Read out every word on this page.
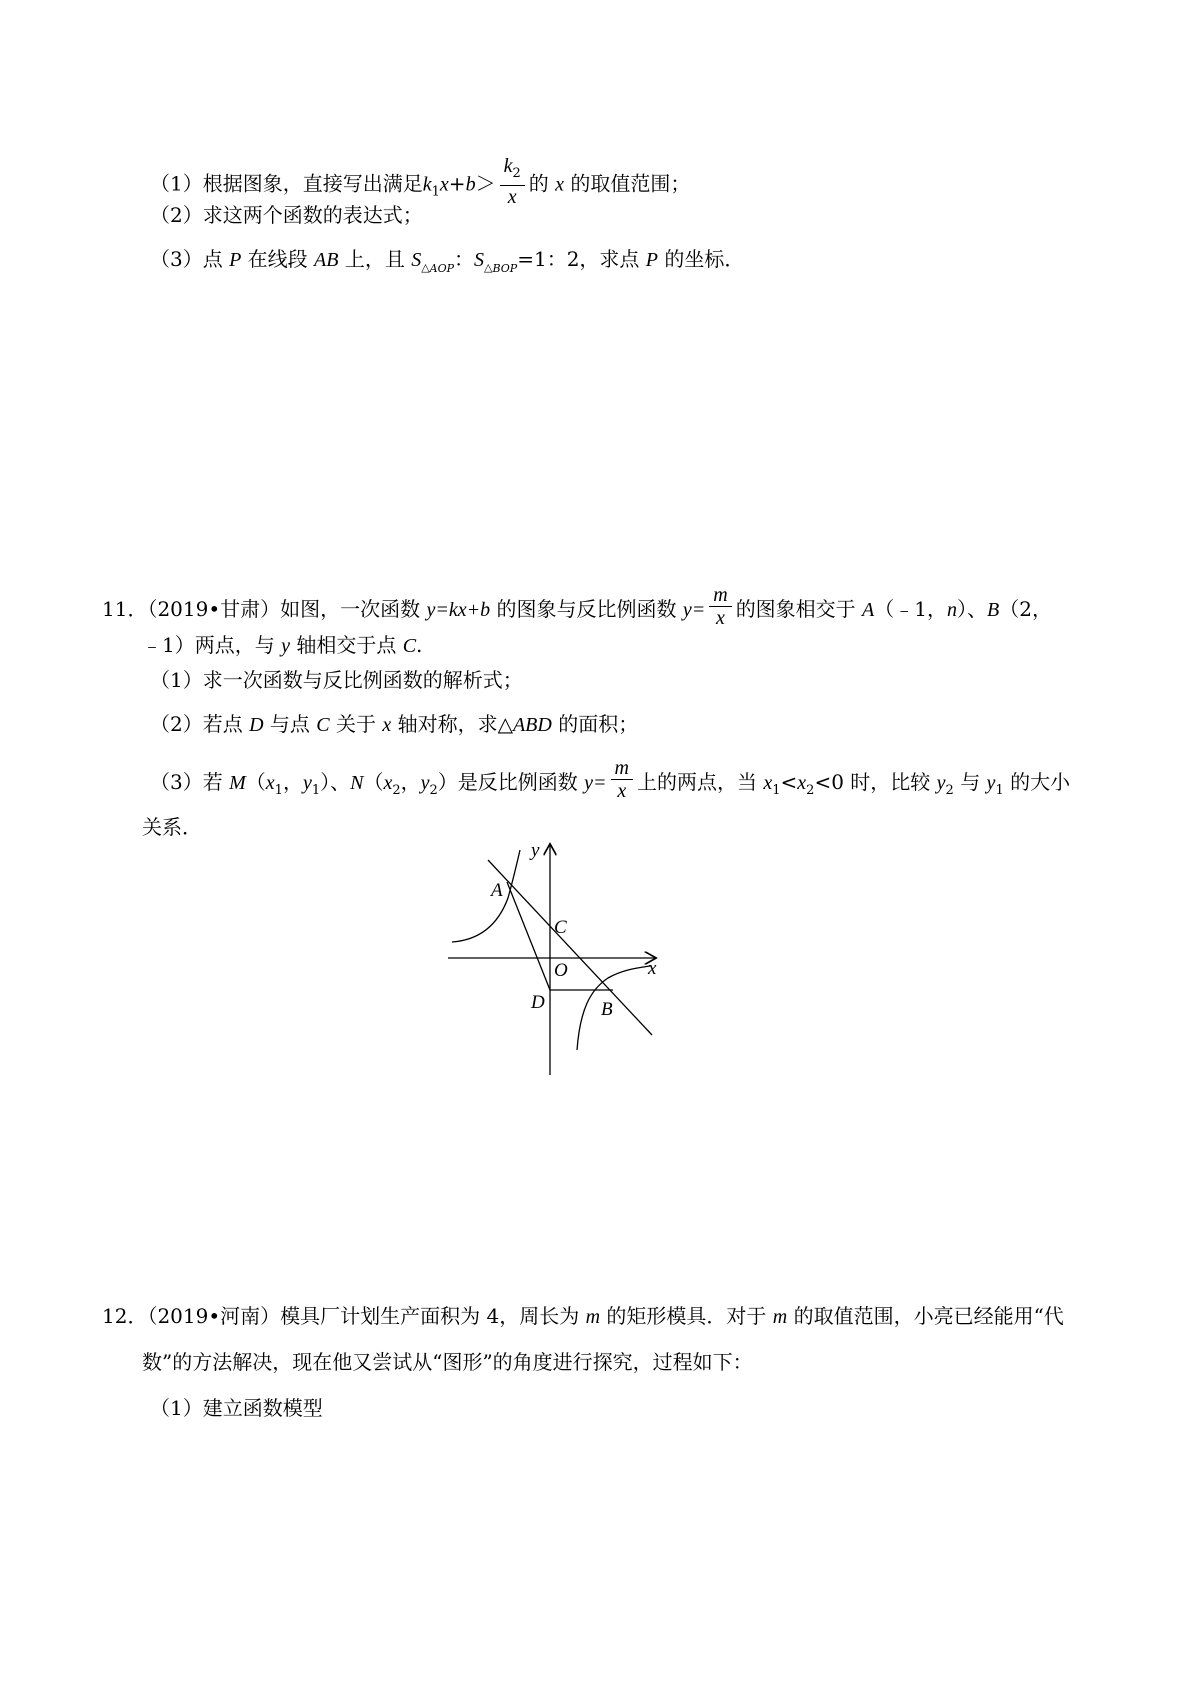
（1）根据图象，直接写出满足$k_1x+b> \frac{k_2}{x}$ 的 x 的取值范围；
（2）求这两个函数的表达式；
（3）点 P 在线段 AB 上，且 $S_{\triangle AOP}$：$S_{\triangle BOP}=1$：2，求点 P 的坐标．
11．（2019•甘肃）如图，一次函数 y=kx+b 的图象与反比例函数 $y= \frac{m}{x}$ 的图象相交于 A（﹣1，n）、B（2，
﹣1）两点，与 y 轴相交于点 C.
（1）求一次函数与反比例函数的解析式；
（2）若点 D 与点 C 关于 x 轴对称，求△ABD 的面积；
（3）若 $M(x_1$，$y_1$）、$N(x_2$，$y_2$）是反比例函数 $y= \frac{m}{x}$ 上的两点，当 $x_1<x_2<0$ 时，比较 $y_2$ 与 $y_1$ 的大小
关系．
y
x
A
C
O
D	B
12．（2019•河南）模具厂计划生产面积为 4，周长为 m 的矩形模具．对于 m 的取值范围，小亮已经能用“代
数”的方法解决，现在他又尝试从“图形”的角度进行探究，过程如下：
（1）建立函数模型
